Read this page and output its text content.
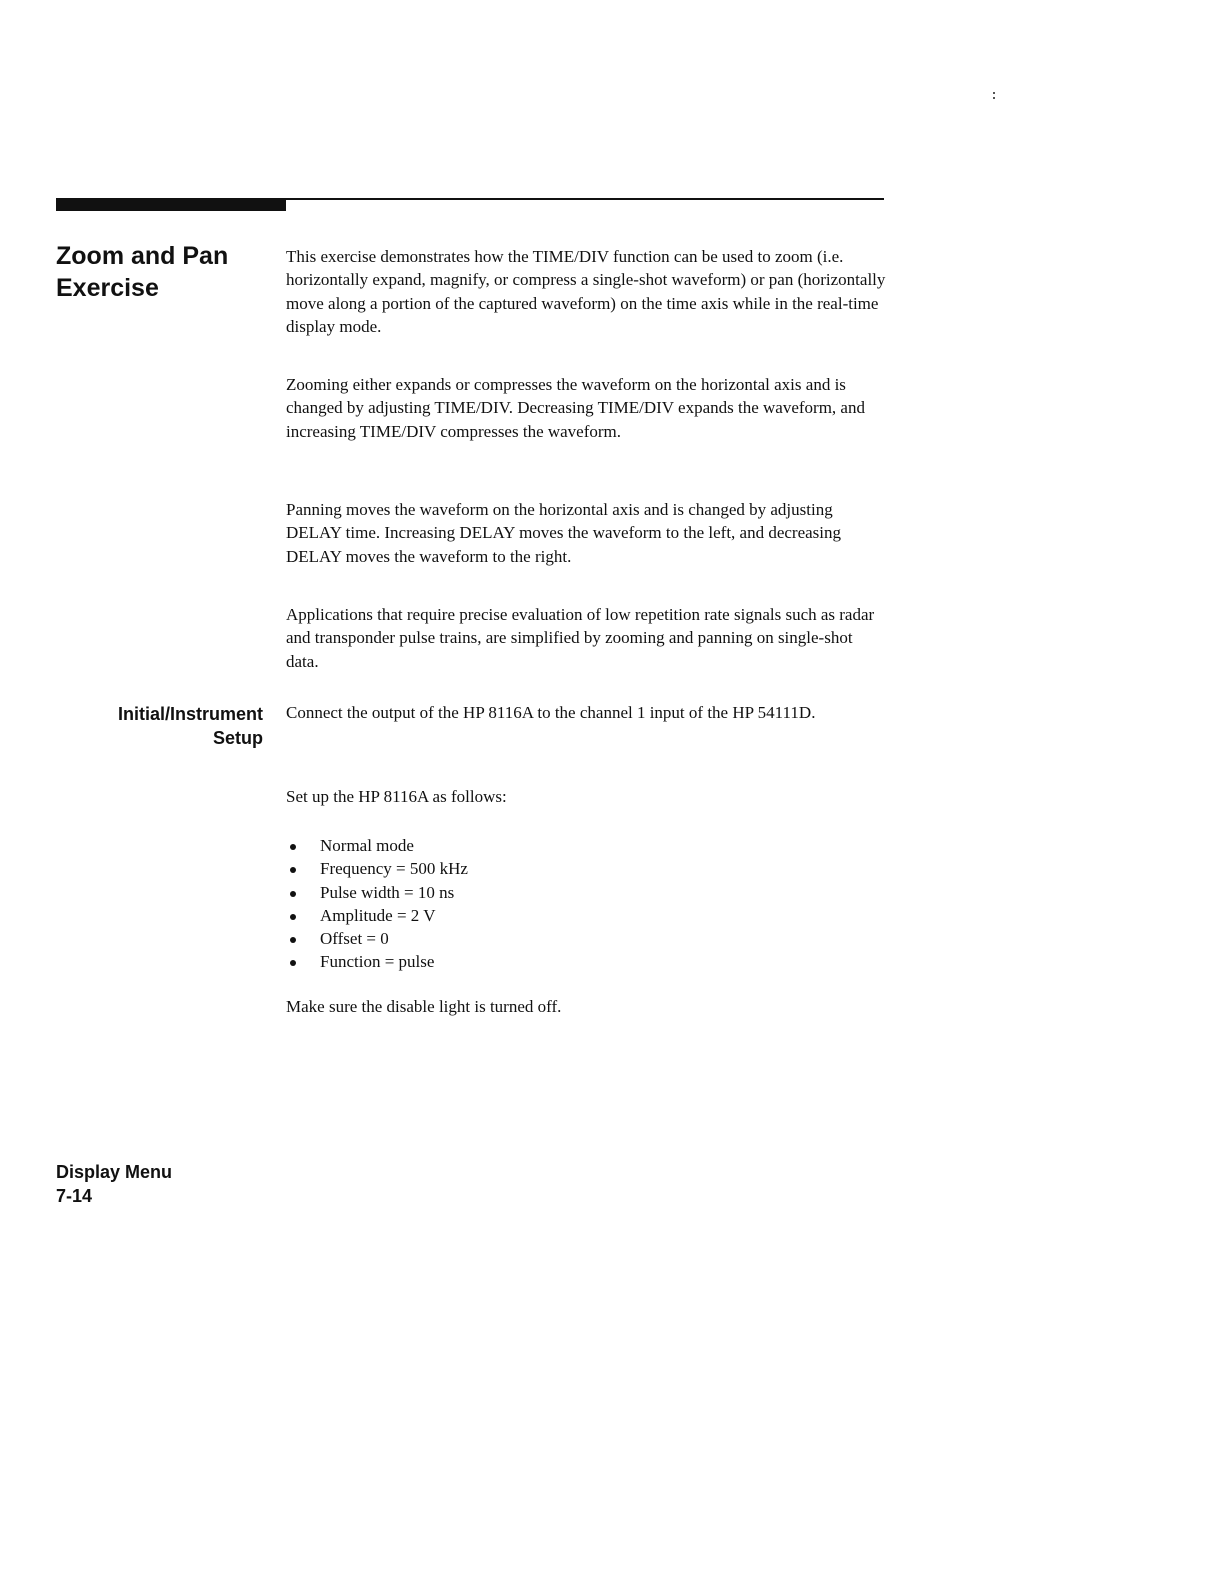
Zoom and Pan
Exercise

This exercise demonstrates how the TIME/DIV function can be used to zoom (i.e. horizontally expand, magnify, or compress a single-shot waveform) or pan (horizontally move along a portion of the captured waveform) on the time axis while in the real-time display mode.

Zooming either expands or compresses the waveform on the horizontal axis and is changed by adjusting TIME/DIV. Decreasing TIME/DIV expands the waveform, and increasing TIME/DIV compresses the waveform.

Panning moves the waveform on the horizontal axis and is changed by adjusting DELAY time. Increasing DELAY moves the waveform to the left, and decreasing DELAY moves the waveform to the right.

Applications that require precise evaluation of low repetition rate signals such as radar and transponder pulse trains, are simplified by zooming and panning on single-shot data.

Initial/Instrument
Setup

Connect the output of the HP 8116A to the channel 1 input of the HP 54111D.

Set up the HP 8116A as follows:

Normal mode
Frequency = 500 kHz
Pulse width = 10 ns
Amplitude = 2 V
Offset = 0
Function = pulse

Make sure the disable light is turned off.

Display Menu
7-14
